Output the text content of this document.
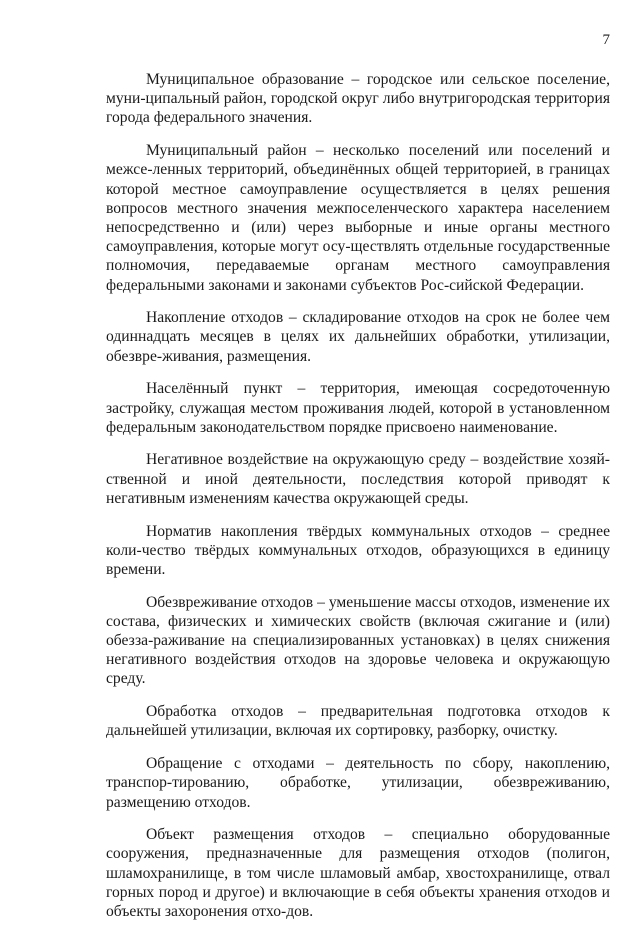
7

Муниципальное образование – городское или сельское поселение, муни-ципальный район, городской округ либо внутригородская территория города федерального значения.

Муниципальный район – несколько поселений или поселений и межсе-ленных территорий, объединённых общей территорией, в границах которой местное самоуправление осуществляется в целях решения вопросов местного значения межпоселенческого характера населением непосредственно и (или) через выборные и иные органы местного самоуправления, которые могут осу-ществлять отдельные государственные полномочия, передаваемые органам местного самоуправления федеральными законами и законами субъектов Рос-сийской Федерации.

Накопление отходов – складирование отходов на срок не более чем одиннадцать месяцев в целях их дальнейших обработки, утилизации, обезвре-живания, размещения.

Населённый пункт – территория, имеющая сосредоточенную застройку, служащая местом проживания людей, которой в установленном федеральным законодательством порядке присвоено наименование.

Негативное воздействие на окружающую среду – воздействие хозяй-ственной и иной деятельности, последствия которой приводят к негативным изменениям качества окружающей среды.

Норматив накопления твёрдых коммунальных отходов – среднее коли-чество твёрдых коммунальных отходов, образующихся в единицу времени.

Обезвреживание отходов – уменьшение массы отходов, изменение их состава, физических и химических свойств (включая сжигание и (или) обезза-раживание на специализированных установках) в целях снижения негативного воздействия отходов на здоровье человека и окружающую среду.

Обработка отходов – предварительная подготовка отходов к дальнейшей утилизации, включая их сортировку, разборку, очистку.

Обращение с отходами – деятельность по сбору, накоплению, транспор-тированию, обработке, утилизации, обезвреживанию, размещению отходов.

Объект размещения отходов – специально оборудованные сооружения, предназначенные для размещения отходов (полигон, шламохранилище, в том числе шламовый амбар, хвостохранилище, отвал горных пород и другое) и включающие в себя объекты хранения отходов и объекты захоронения отхо-дов.
